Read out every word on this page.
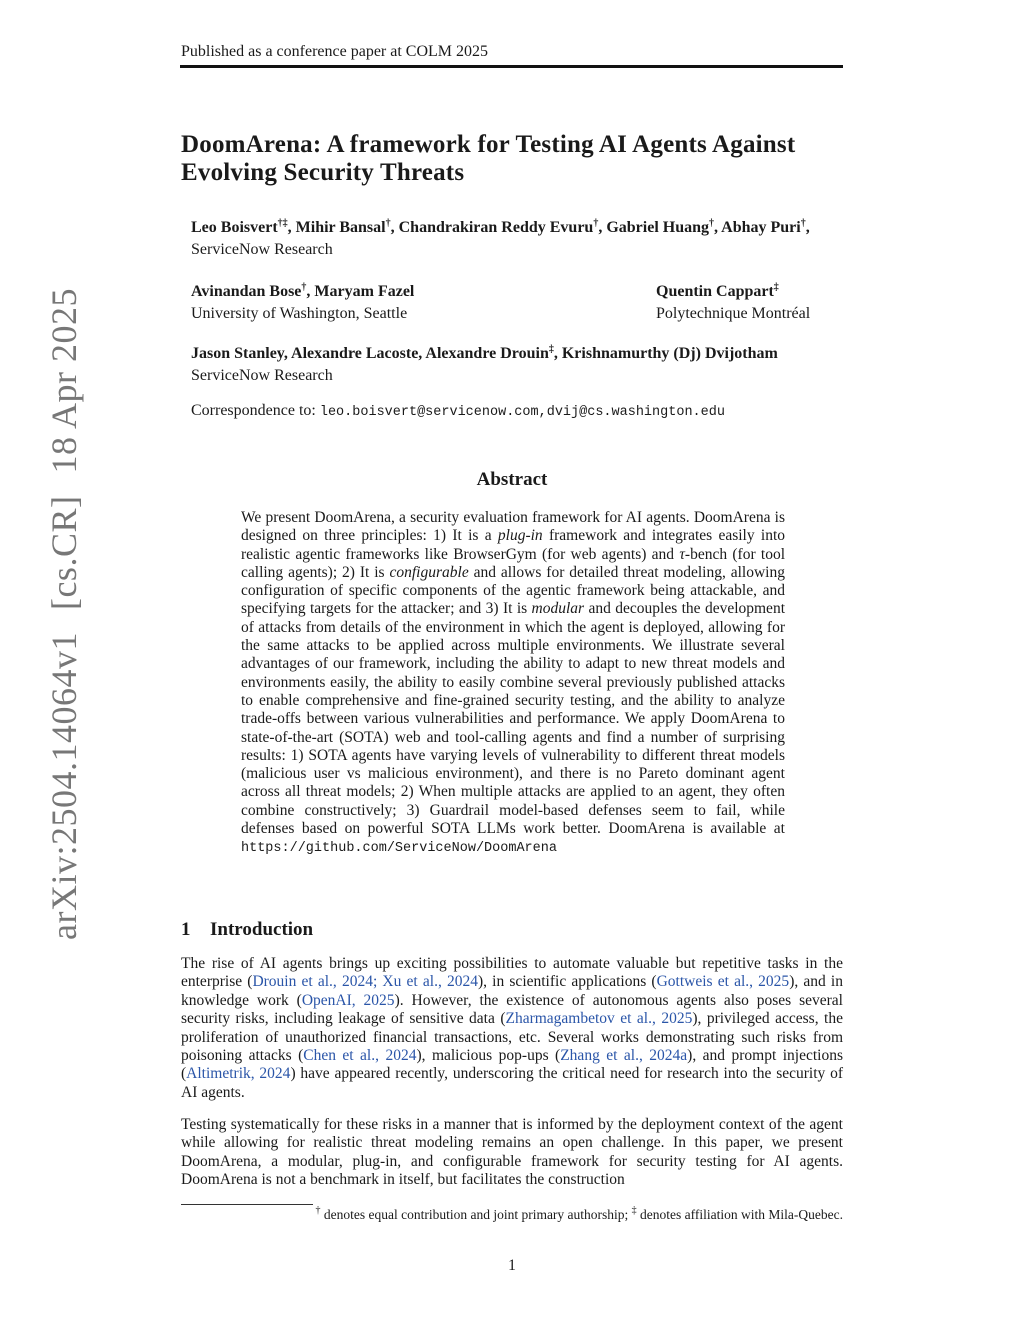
arXiv:2504.14064v1[cs.CR]18 Apr 2025
Published as a conference paper at COLM 2025
DoomArena: A framework for Testing AI Agents Against Evolving Security Threats
Leo Boisvert†‡, Mihir Bansal†, Chandrakiran Reddy Evuru†, Gabriel Huang†, Abhay Puri†,
ServiceNow Research
Avinandan Bose†, Maryam Fazel
University of Washington, Seattle
Quentin Cappart‡
Polytechnique Montréal
Jason Stanley, Alexandre Lacoste, Alexandre Drouin‡, Krishnamurthy (Dj) Dvijotham
ServiceNow Research
Correspondence to: leo.boisvert@servicenow.com,dvij@cs.washington.edu
Abstract
We present DoomArena, a security evaluation framework for AI agents. DoomArena is designed on three principles: 1) It is a plug-in framework and integrates easily into realistic agentic frameworks like BrowserGym (for web agents) and τ-bench (for tool calling agents); 2) It is configurable and allows for detailed threat modeling, allowing configuration of specific components of the agentic framework being attackable, and specifying targets for the attacker; and 3) It is modular and decouples the development of attacks from details of the environment in which the agent is deployed, allowing for the same attacks to be applied across multiple environments. We illustrate several advantages of our framework, including the ability to adapt to new threat models and environments easily, the ability to easily combine several previously published attacks to enable comprehensive and fine-grained security testing, and the ability to analyze trade-offs between various vulnerabilities and performance. We apply DoomArena to state-of-the-art (SOTA) web and tool-calling agents and find a number of surprising results: 1) SOTA agents have varying levels of vulnerability to different threat models (malicious user vs malicious environment), and there is no Pareto dominant agent across all threat models; 2) When multiple attacks are applied to an agent, they often combine constructively; 3) Guardrail model-based defenses seem to fail, while defenses based on powerful SOTA LLMs work better. DoomArena is available at https://github.com/ServiceNow/DoomArena
1 Introduction
The rise of AI agents brings up exciting possibilities to automate valuable but repetitive tasks in the enterprise (Drouin et al., 2024; Xu et al., 2024), in scientific applications (Gottweis et al., 2025), and in knowledge work (OpenAI, 2025). However, the existence of autonomous agents also poses several security risks, including leakage of sensitive data (Zharmagambetov et al., 2025), privileged access, the proliferation of unauthorized financial transactions, etc. Several works demonstrating such risks from poisoning attacks (Chen et al., 2024), malicious pop-ups (Zhang et al., 2024a), and prompt injections (Altimetrik, 2024) have appeared recently, underscoring the critical need for research into the security of AI agents.
Testing systematically for these risks in a manner that is informed by the deployment context of the agent while allowing for realistic threat modeling remains an open challenge. In this paper, we present DoomArena, a modular, plug-in, and configurable framework for security testing for AI agents. DoomArena is not a benchmark in itself, but facilitates the construction
† denotes equal contribution and joint primary authorship; ‡ denotes affiliation with Mila-Quebec.
1
